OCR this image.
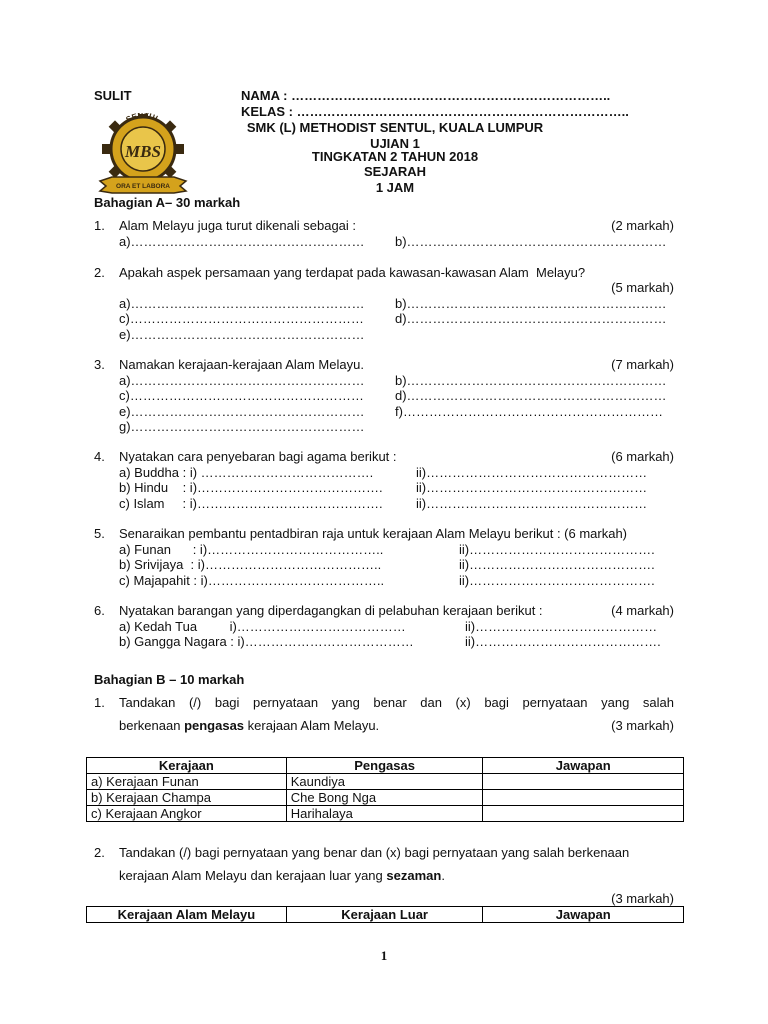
SULIT	NAMA : ………………………………………………………………..
KELAS : …………………………………………………………………..
SMK (L) METHODIST SENTUL, KUALA LUMPUR
UJIAN 1
TINGKATAN 2 TAHUN 2018
SEJARAH
1 JAM
SENTUL
MBS
ORA ET LABORA
Bahagian A– 30 markah
1. Alam Melayu juga turut dikenali sebagai :	(2 markah)
a)……………………………………………… b)……………………………………………………
2. Apakah aspek persamaan yang terdapat pada kawasan-kawasan Alam  Melayu?
(5 markah)
a)……………………………………………… b)……………………………………………………
c)……………………………………………… d)……………………………………………………
e)………………………………………………
3. Namakan kerajaan-kerajaan Alam Melayu.	(7 markah)
a)……………………………………………… b)……………………………………………………
c)……………………………………………… d)……………………………………………………
e)……………………………………………… f)……………………………………………………
g)………………………………………………
4. Nyatakan cara penyebaran bagi agama berikut :	(6 markah)
a) Buddha : i) ………………………………….	ii)……………………………………………
b) Hindu    : i)…………………………………….	ii)……………………………………………
c) Islam     : i)…………………………………….	ii)……………………………………………
5. Senaraikan pembantu pentadbiran raja untuk kerajaan Alam Melayu berikut : (6 markah)
a) Funan      : i)…………………………………..	ii)…………………………………….
b) Srivijaya  : i)…………………………………..	ii)…………………………………….
c) Majapahit : i)…………………………………..	ii)…………………………………….
6. Nyatakan barangan yang diperdagangkan di pelabuhan kerajaan berikut :	(4 markah)
a) Kedah Tua         i)…………………………………	ii)……………………………………
b) Gangga Nagara : i)…………………………………	ii)…………………………………….
Bahagian B – 10 markah
1. Tandakan (/) bagi pernyataan yang benar dan (x) bagi pernyataan yang salah
berkenaan pengasas kerajaan Alam Melayu.	(3 markah)
Kerajaan	Pengasas	Jawapan
a) Kerajaan Funan	Kaundiya	
b) Kerajaan Champa	Che Bong Nga	
c) Kerajaan Angkor	Harihalaya	
2. Tandakan (/) bagi pernyataan yang benar dan (x) bagi pernyataan yang salah berkenaan
kerajaan Alam Melayu dan kerajaan luar yang sezaman.
(3 markah)
Kerajaan Alam Melayu	Kerajaan Luar	Jawapan
1
